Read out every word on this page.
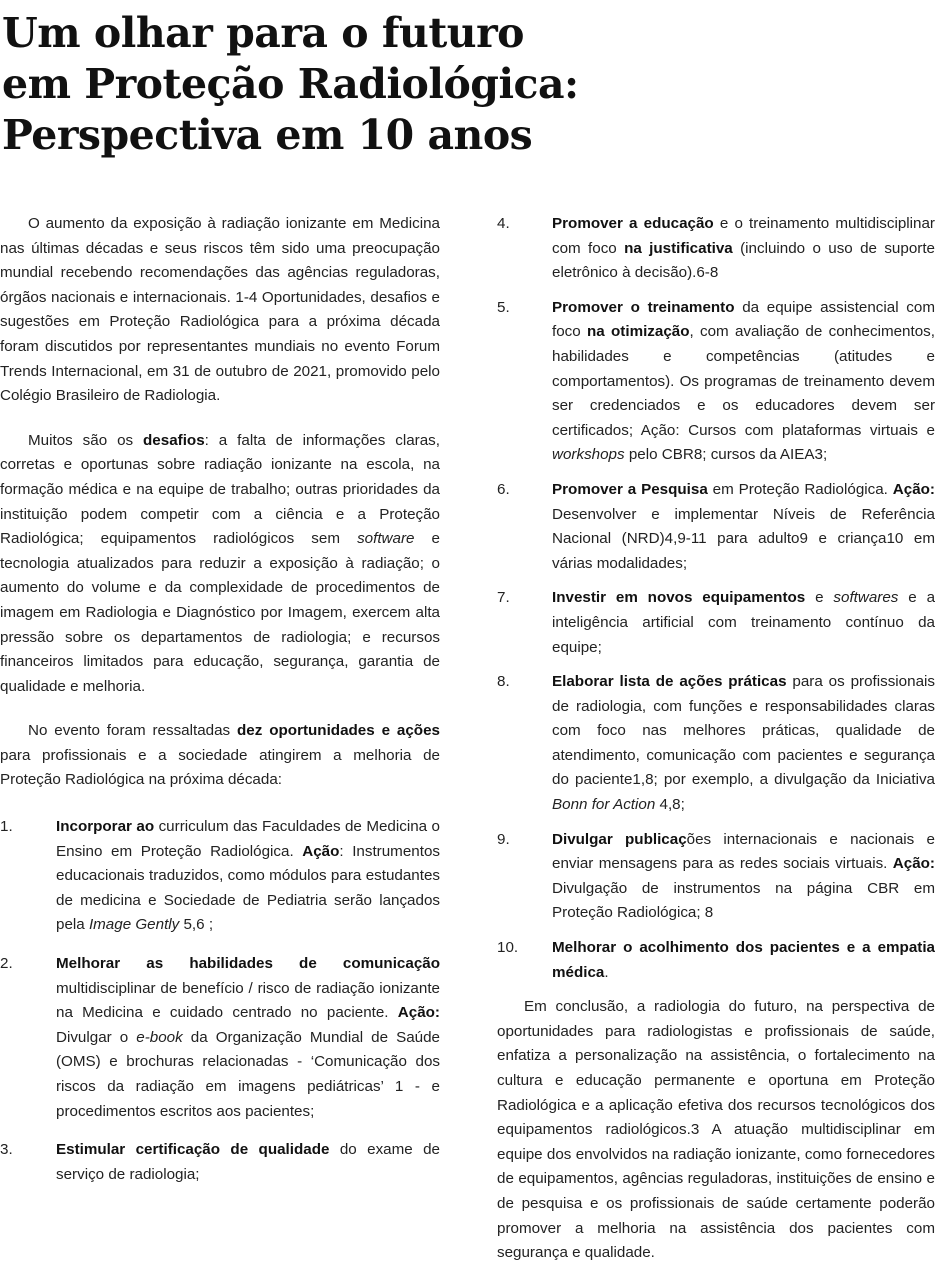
Um olhar para o futuro
em Proteção Radiológica:
Perspectiva em 10 anos

O aumento da exposição à radiação ionizante em Medicina nas últimas décadas e seus riscos têm sido uma preocupação mundial recebendo recomendações das agências reguladoras, órgãos nacionais e internacionais. 1-4 Oportunidades, desafios e sugestões em Proteção Radiológica para a próxima década foram discutidos por representantes mundiais no evento Forum Trends Internacional, em 31 de outubro de 2021, promovido pelo Colégio Brasileiro de Radiologia.

Muitos são os desafios: a falta de informações claras, corretas e oportunas sobre radiação ionizante na escola, na formação médica e na equipe de trabalho; outras prioridades da instituição podem competir com a ciência e a Proteção Radiológica; equipamentos radiológicos sem software e tecnologia atualizados para reduzir a exposição à radiação; o aumento do volume e da complexidade de procedimentos de imagem em Radiologia e Diagnóstico por Imagem, exercem alta pressão sobre os departamentos de radiologia; e recursos financeiros limitados para educação, segurança, garantia de qualidade e melhoria.

No evento foram ressaltadas dez oportunidades e ações para profissionais e a sociedade atingirem a melhoria de Proteção Radiológica na próxima década:

1.	Incorporar ao curriculum das Faculdades de Medicina o Ensino em Proteção Radiológica. Ação: Instrumentos educacionais traduzidos, como módulos para estudantes de medicina e Sociedade de Pediatria serão lançados pela Image Gently 5,6 ;
2.	Melhorar as habilidades de comunicação multidisciplinar de benefício / risco de radiação ionizante na Medicina e cuidado centrado no paciente. Ação: Divulgar o e-book da Organização Mundial de Saúde (OMS) e brochuras relacionadas - ‘Comunicação dos riscos da radiação em imagens pediátricas’ 1 - e procedimentos escritos aos pacientes;
3.	Estimular certificação de qualidade do exame de serviço de radiologia;
4.	Promover a educação e o treinamento multidisciplinar com foco na justificativa (incluindo o uso de suporte eletrônico à decisão).6-8
5.	Promover o treinamento da equipe assistencial com foco na otimização, com avaliação de conhecimentos, habilidades e competências (atitudes e comportamentos). Os programas de treinamento devem ser credenciados e os educadores devem ser certificados; Ação: Cursos com plataformas virtuais e workshops pelo CBR8; cursos da AIEA3;
6.	Promover a Pesquisa em Proteção Radiológica. Ação: Desenvolver e implementar Níveis de Referência Nacional (NRD)4,9-11 para adulto9 e criança10 em várias modalidades;
7.	Investir em novos equipamentos e softwares e a inteligência artificial com treinamento contínuo da equipe;
8.	Elaborar lista de ações práticas para os profissionais de radiologia, com funções e responsabilidades claras com foco nas melhores práticas, qualidade de atendimento, comunicação com pacientes e segurança do paciente1,8; por exemplo, a divulgação da Iniciativa Bonn for Action 4,8;
9.	Divulgar publicações internacionais e nacionais e enviar mensagens para as redes sociais virtuais. Ação: Divulgação de instrumentos na página CBR em Proteção Radiológica; 8
10. Melhorar o acolhimento dos pacientes e a empatia médica.

Em conclusão, a radiologia do futuro, na perspectiva de oportunidades para radiologistas e profissionais de saúde, enfatiza a personalização na assistência, o fortalecimento na cultura e educação permanente e oportuna em Proteção Radiológica e a aplicação efetiva dos recursos tecnológicos dos equipamentos radiológicos.3 A atuação multidisciplinar em equipe dos envolvidos na radiação ionizante, como fornecedores de equipamentos, agências reguladoras, instituições de ensino e de pesquisa e os profissionais de saúde certamente poderão promover a melhoria na assistência dos pacientes com segurança e qualidade.
